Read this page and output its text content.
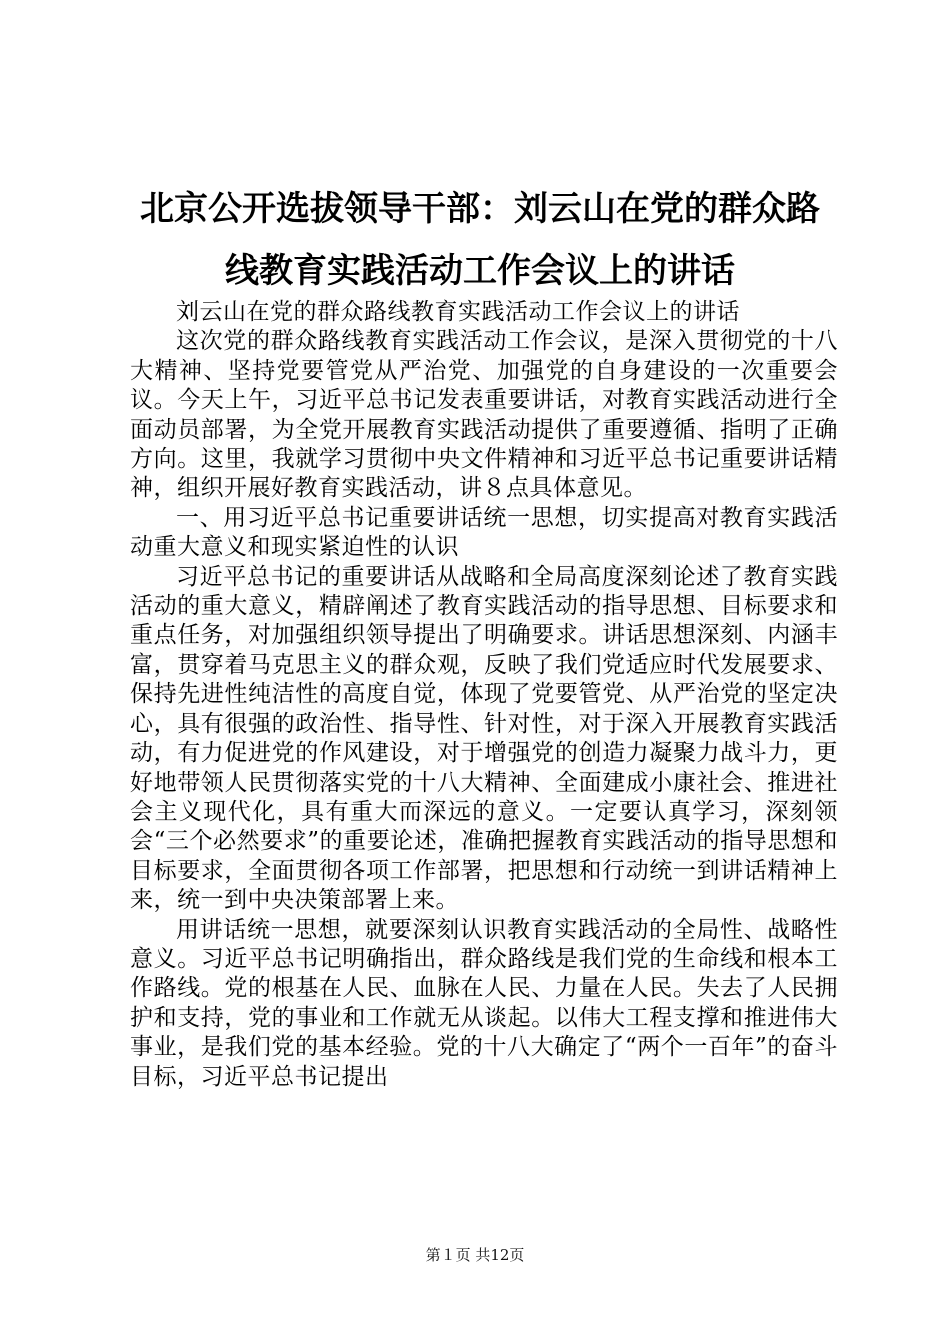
北京公开选拔领导干部：刘云山在党的群众路
线教育实践活动工作会议上的讲话

刘云山在党的群众路线教育实践活动工作会议上的讲话

这次党的群众路线教育实践活动工作会议，是深入贯彻党的十八大精神、坚持党要管党从严治党、加强党的自身建设的一次重要会议。今天上午，习近平总书记发表重要讲话，对教育实践活动进行全面动员部署，为全党开展教育实践活动提供了重要遵循、指明了正确方向。这里，我就学习贯彻中央文件精神和习近平总书记重要讲话精神，组织开展好教育实践活动，讲８点具体意见。

一、用习近平总书记重要讲话统一思想，切实提高对教育实践活动重大意义和现实紧迫性的认识

习近平总书记的重要讲话从战略和全局高度深刻论述了教育实践活动的重大意义，精辟阐述了教育实践活动的指导思想、目标要求和重点任务，对加强组织领导提出了明确要求。讲话思想深刻、内涵丰富，贯穿着马克思主义的群众观，反映了我们党适应时代发展要求、保持先进性纯洁性的高度自觉，体现了党要管党、从严治党的坚定决心，具有很强的政治性、指导性、针对性，对于深入开展教育实践活动，有力促进党的作风建设，对于增强党的创造力凝聚力战斗力，更好地带领人民贯彻落实党的十八大精神、全面建成小康社会、推进社会主义现代化，具有重大而深远的意义。一定要认真学习，深刻领会“三个必然要求”的重要论述，准确把握教育实践活动的指导思想和目标要求，全面贯彻各项工作部署，把思想和行动统一到讲话精神上来，统一到中央决策部署上来。

用讲话统一思想，就要深刻认识教育实践活动的全局性、战略性意义。习近平总书记明确指出，群众路线是我们党的生命线和根本工作路线。党的根基在人民、血脉在人民、力量在人民。失去了人民拥护和支持，党的事业和工作就无从谈起。以伟大工程支撑和推进伟大事业，是我们党的基本经验。党的十八大确定了“两个一百年”的奋斗目标，习近平总书记提出

第１页 共12页
